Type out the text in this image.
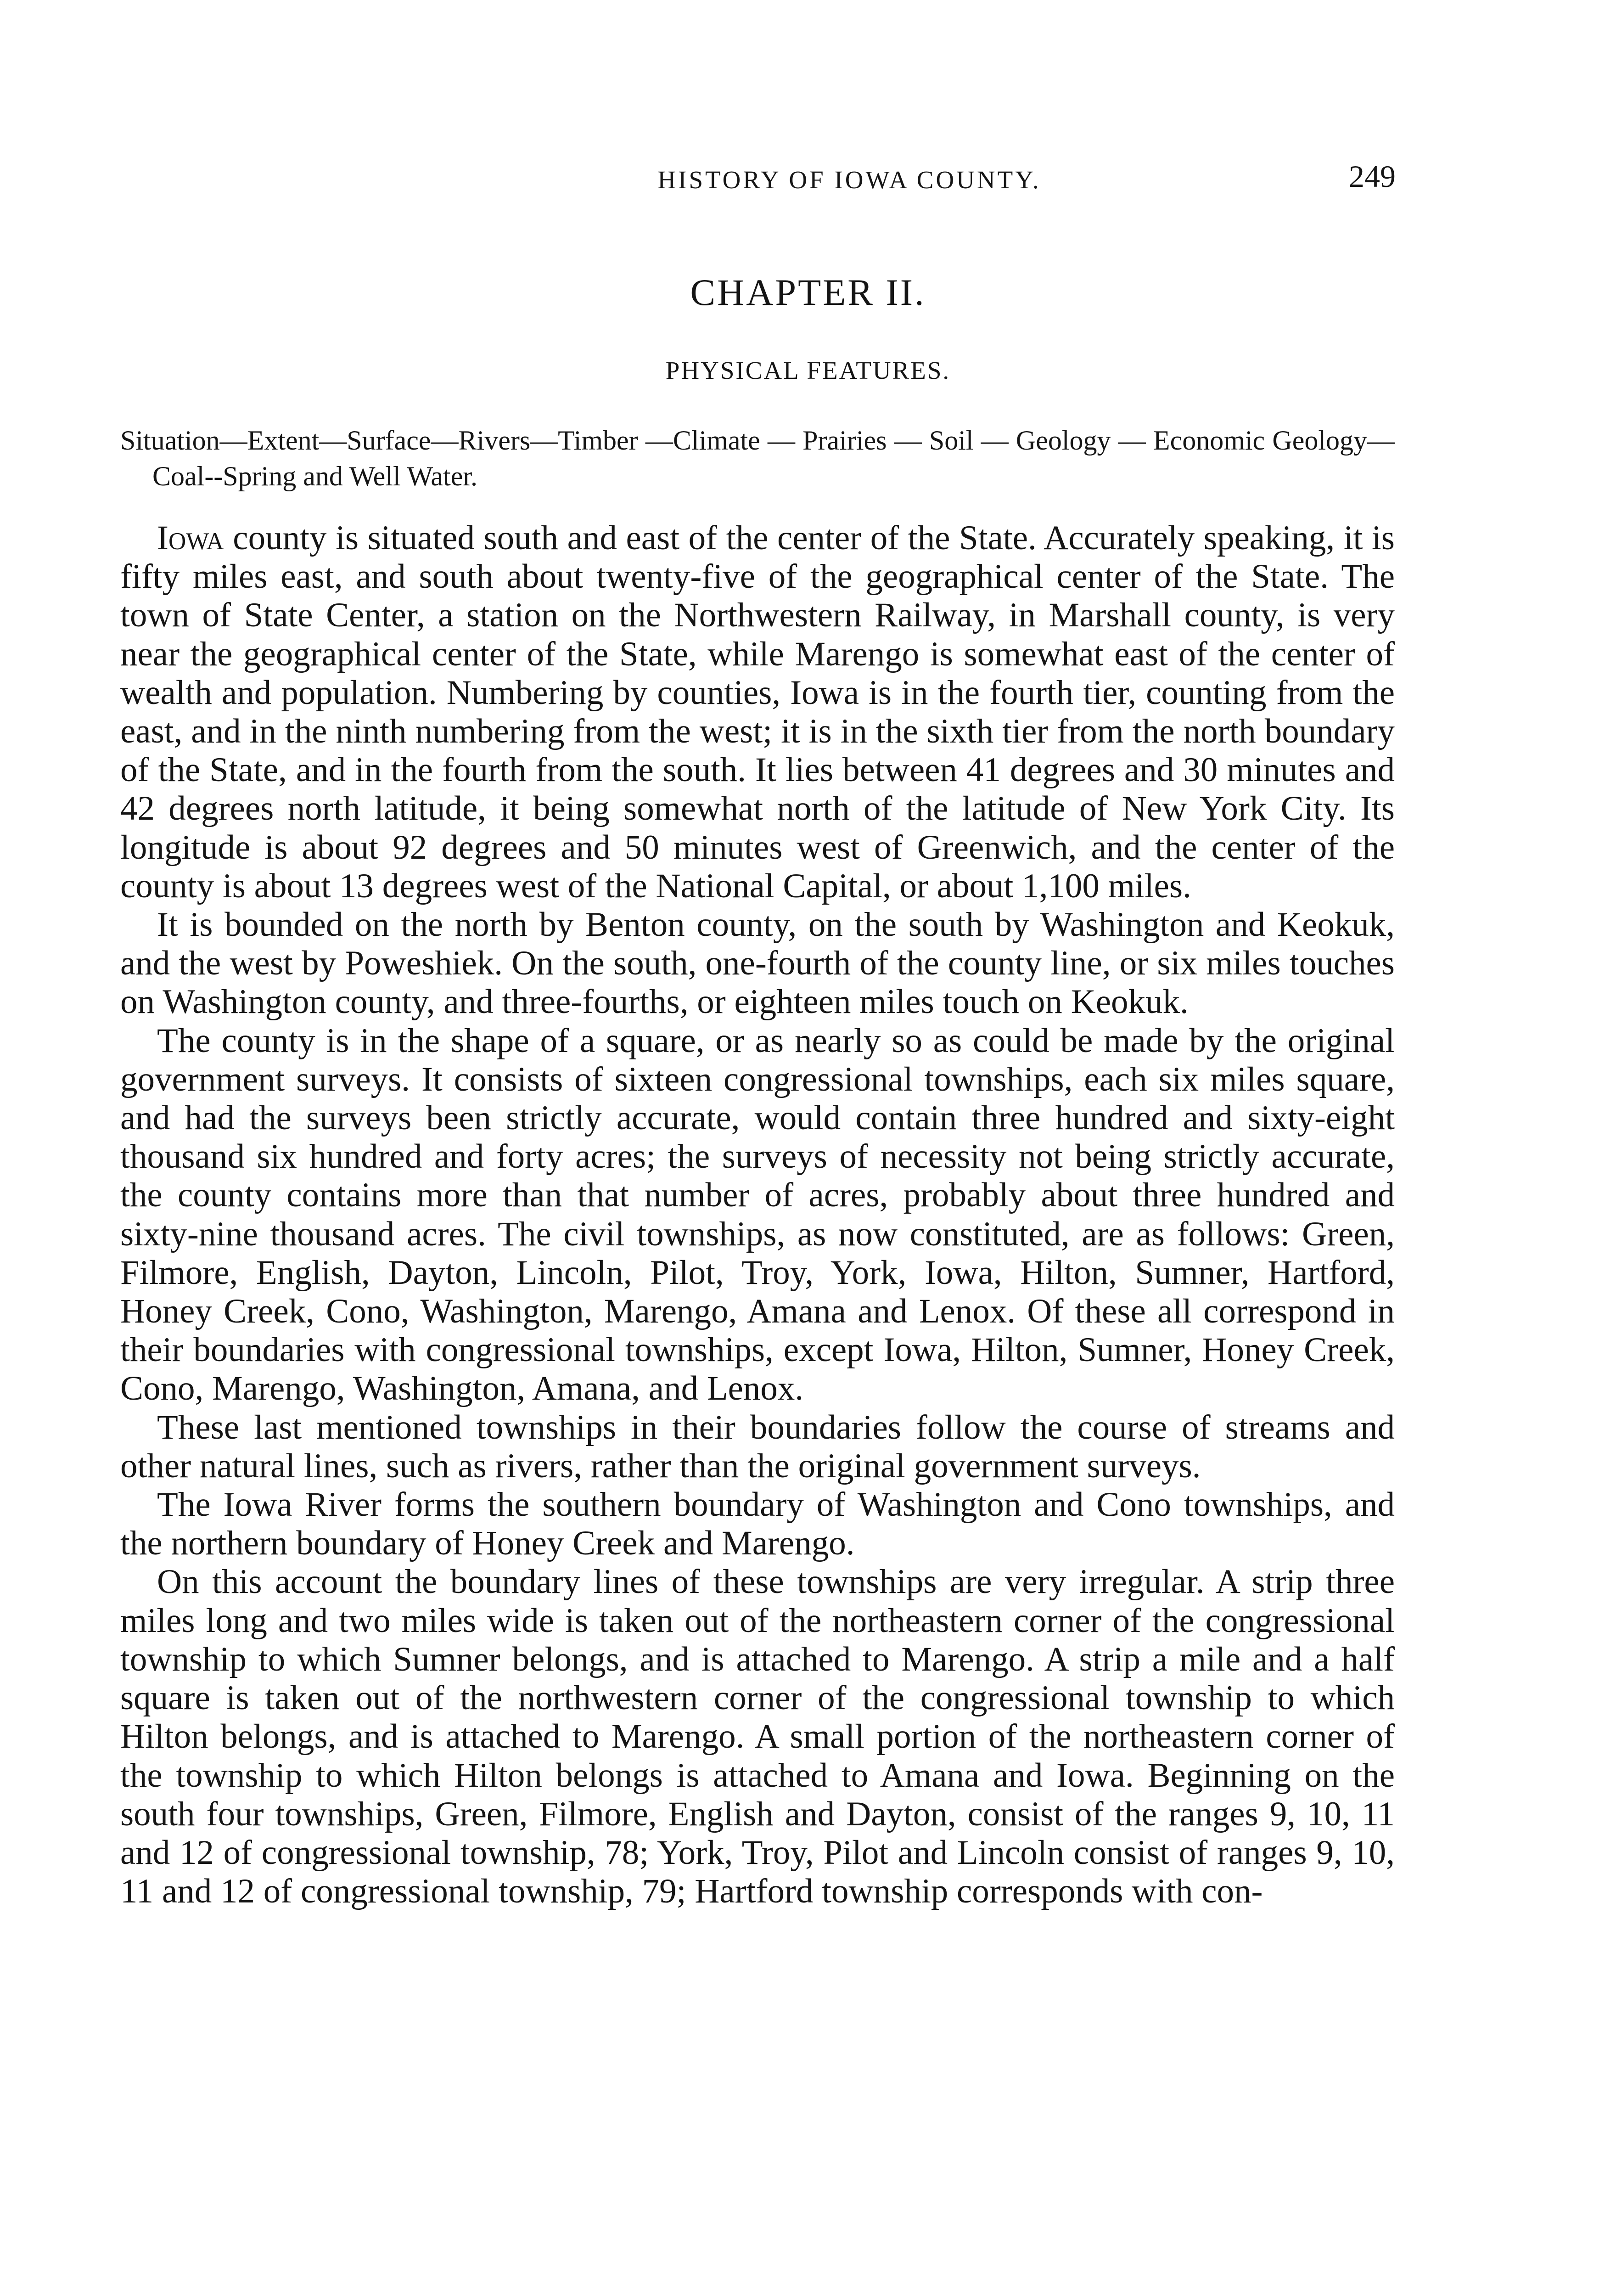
HISTORY OF IOWA COUNTY.	249
CHAPTER II.
PHYSICAL FEATURES.
Situation—Extent—Surface—Rivers—Timber —Climate — Prairies — Soil — Geology — Economic Geology—Coal--Spring and Well Water.

Iowa county is situated south and east of the center of the State. Accurately speaking, it is fifty miles east, and south about twenty-five of the geographical center of the State. The town of State Center, a station on the Northwestern Railway, in Marshall county, is very near the geographical center of the State, while Marengo is somewhat east of the center of wealth and population. Numbering by counties, Iowa is in the fourth tier, counting from the east, and in the ninth numbering from the west; it is in the sixth tier from the north boundary of the State, and in the fourth from the south. It lies between 41 degrees and 30 minutes and 42 degrees north latitude, it being somewhat north of the latitude of New York City. Its longitude is about 92 degrees and 50 minutes west of Greenwich, and the center of the county is about 13 degrees west of the National Capital, or about 1,100 miles.

It is bounded on the north by Benton county, on the south by Washington and Keokuk, and the west by Poweshiek. On the south, one-fourth of the county line, or six miles touches on Washington county, and three-fourths, or eighteen miles touch on Keokuk.

The county is in the shape of a square, or as nearly so as could be made by the original government surveys. It consists of sixteen congressional townships, each six miles square, and had the surveys been strictly accurate, would contain three hundred and sixty-eight thousand six hundred and forty acres; the surveys of necessity not being strictly accurate, the county contains more than that number of acres, probably about three hundred and sixty-nine thousand acres. The civil townships, as now constituted, are as follows: Green, Filmore, English, Dayton, Lincoln, Pilot, Troy, York, Iowa, Hilton, Sumner, Hartford, Honey Creek, Cono, Washington, Marengo, Amana and Lenox. Of these all correspond in their boundaries with congressional townships, except Iowa, Hilton, Sumner, Honey Creek, Cono, Marengo, Washington, Amana, and Lenox.

These last mentioned townships in their boundaries follow the course of streams and other natural lines, such as rivers, rather than the original government surveys.

The Iowa River forms the southern boundary of Washington and Cono townships, and the northern boundary of Honey Creek and Marengo.

On this account the boundary lines of these townships are very irregular. A strip three miles long and two miles wide is taken out of the northeastern corner of the congressional township to which Sumner belongs, and is attached to Marengo. A strip a mile and a half square is taken out of the northwestern corner of the congressional township to which Hilton belongs, and is attached to Marengo. A small portion of the northeastern corner of the township to which Hilton belongs is attached to Amana and Iowa. Beginning on the south four townships, Green, Filmore, English and Dayton, consist of the ranges 9, 10, 11 and 12 of congressional township, 78; York, Troy, Pilot and Lincoln consist of ranges 9, 10, 11 and 12 of congressional township, 79; Hartford township corresponds with con-
